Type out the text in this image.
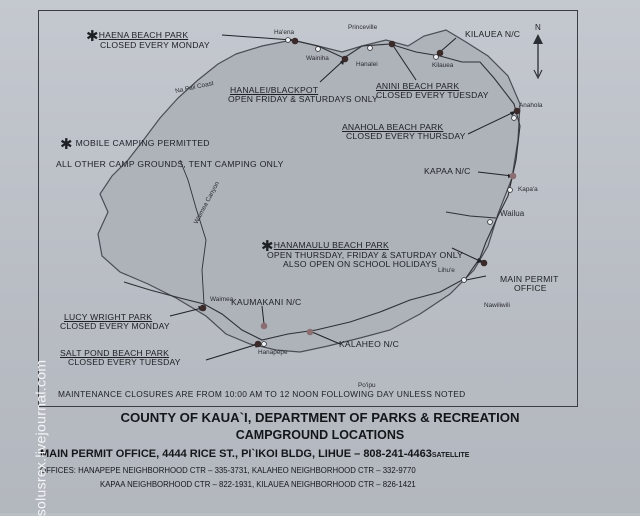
✱HAENA BEACH PARK
CLOSED EVERY MONDAY
HANALEI/BLACKPOT
OPEN FRIDAY & SATURDAYS ONLY
ANINI BEACH PARK
CLOSED EVERY TUESDAY
KILAUEA N/C
ANAHOLA BEACH PARK
CLOSED EVERY THURSDAY
KAPAA N/C
✱HANAMAULU BEACH PARK
OPEN THURSDAY, FRIDAY & SATURDAY ONLY
ALSO OPEN ON SCHOOL HOLIDAYS
MAIN PERMIT
OFFICE
KAUMAKANI N/C
LUCY WRIGHT PARK
CLOSED EVERY MONDAY
SALT POND BEACH PARK
CLOSED EVERY TUESDAY
KALAHEO N/C
Ha'ena
Wainiha
Princeville
Hanalei	Kilauea
Anahola
Kapa'a
Wailua
Lihu'e
Nawiliwili
Waimea
Hanapepe
Po'ipu
Na Pali Coast
Waimea Canyon
N
✱ MOBILE CAMPING PERMITTED
ALL OTHER CAMP GROUNDS, TENT CAMPING ONLY
MAINTENANCE CLOSURES ARE FROM 10:00 AM TO 12 NOON FOLLOWING DAY UNLESS NOTED
COUNTY OF KAUA`I, DEPARTMENT OF PARKS & RECREATION
CAMPGROUND LOCATIONS
MAIN PERMIT OFFICE, 4444 RICE ST., PI`IKOI BLDG, LIHUE – 808-241-4463SATELLITE
OFFICES: HANAPEPE NEIGHBORHOOD CTR – 335-3731, KALAHEO NEIGHBORHOOD CTR – 332-9770
KAPAA NEIGHBORHOOD CTR – 822-1931, KILAUEA NEIGHBORHOOD CTR – 826-1421
solusrex.livejournal.com
